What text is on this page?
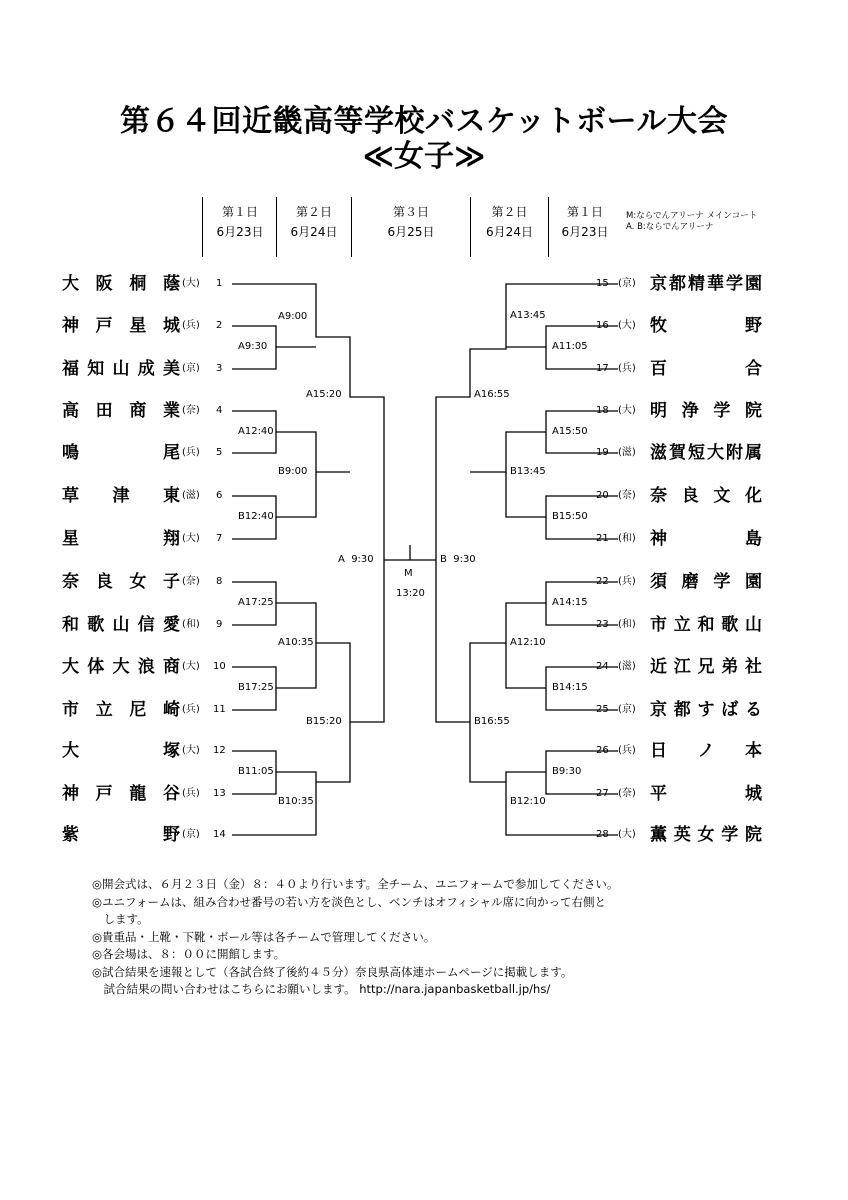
第６４回近畿高等学校バスケットボール大会
≪女子≫
第１日
6月23日
第２日
6月24日
第３日
6月25日
第２日
6月24日
第１日
6月23日
M:ならでんアリーナ メインコート
A. B:ならでんアリーナ
大阪桐蔭 (大) 1
神戸星城 (兵) 2
福知山成美 (京) 3
高田商業 (奈) 4
鳴尾 (兵) 5
草津東 (滋) 6
星翔 (大) 7
奈良女子 (奈) 8
和歌山信愛 (和) 9
大体大浪商 (大) 10
市立尼崎 (兵) 11
大塚 (大) 12
神戸龍谷 (兵) 13
紫野 (京) 14
15 (京) 京都精華学園
16 (大) 牧野
17 (兵) 百合
18 (大) 明浄学院
19 (滋) 滋賀短大附属
20 (奈) 奈良文化
21 (和) 神島
22 (兵) 須磨学園
23 (和) 市立和歌山
24 (滋) 近江兄弟社
25 (京) 京都すばる
26 (兵) 日ノ本
27 (奈) 平城
28 (大) 薫英女学院
A9:30
A12:40
B12:40
A17:25
B17:25
B11:05
A9:00
B9:00
A10:35
B10:35
A15:20
B15:20
A  9:30
M
13:20
A11:05
A15:50
B15:50
A14:15
B14:15
B9:30
A13:45
B13:45
A12:10
B12:10
A16:55
B16:55
B  9:30
◎開会式は、６月２３日（金）８：４０より行います。全チーム、ユニフォームで参加してください。
◎ユニフォームは、組み合わせ番号の若い方を淡色とし、ベンチはオフィシャル席に向かって右側と
　します。
◎貴重品・上靴・下靴・ボール等は各チームで管理してください。
◎各会場は、８：００に開館します。
◎試合結果を速報として（各試合終了後約４５分）奈良県高体連ホームページに掲載します。
　試合結果の問い合わせはこちらにお願いします。 http://nara.japanbasketball.jp/hs/
